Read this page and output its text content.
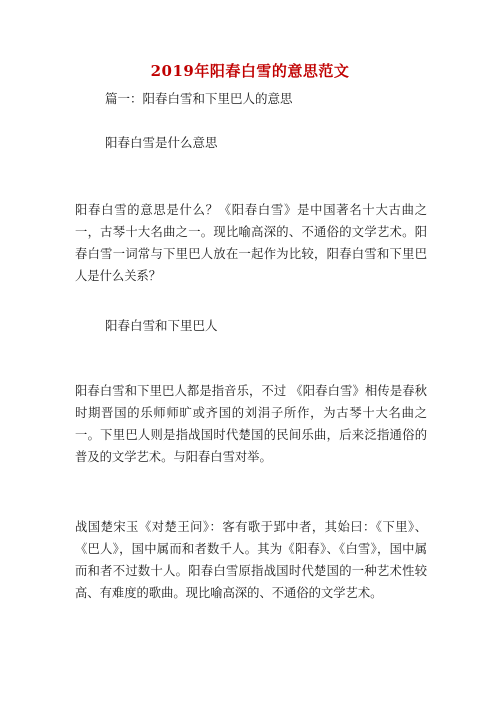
2019年阳春白雪的意思范文
篇一：阳春白雪和下里巴人的意思
阳春白雪是什么意思
阳春白雪的意思是什么？《阳春白雪》是中国著名十大古曲之一，古琴十大名曲之一。现比喻高深的、不通俗的文学艺术。阳春白雪一词常与下里巴人放在一起作为比较，阳春白雪和下里巴人是什么关系？
阳春白雪和下里巴人
阳春白雪和下里巴人都是指音乐，不过 《阳春白雪》相传是春秋时期晋国的乐师师旷或齐国的刘涓子所作，为古琴十大名曲之一。下里巴人则是指战国时代楚国的民间乐曲，后来泛指通俗的普及的文学艺术。与阳春白雪对举。
战国楚宋玉《对楚王问》：客有歌于郢中者，其始曰：《下里》、《巴人》，国中属而和者数千人。其为《阳春》、《白雪》，国中属而和者不过数十人。阳春白雪原指战国时代楚国的一种艺术性较高、有难度的歌曲。现比喻高深的、不通俗的文学艺术。
